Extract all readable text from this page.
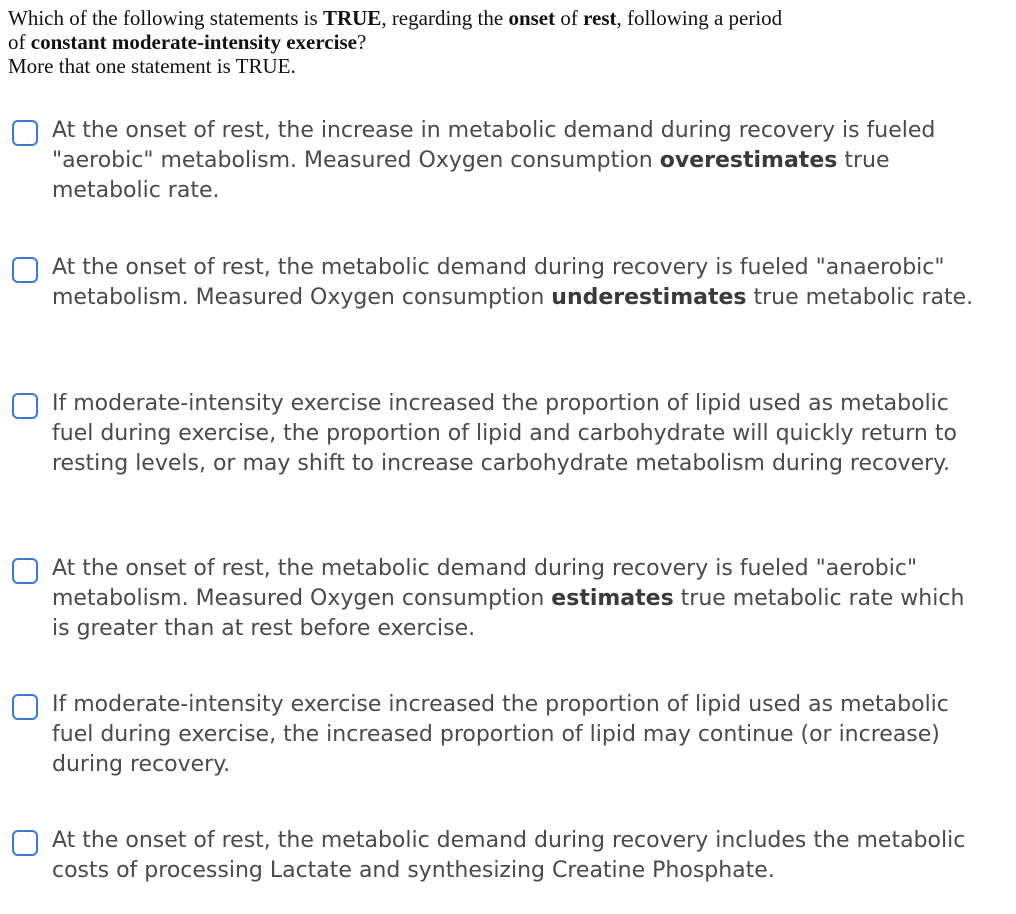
Which of the following statements is TRUE, regarding the onset of rest, following a period
of constant moderate-intensity exercise?
More that one statement is TRUE.
At the onset of rest, the increase in metabolic demand during recovery is fueled "aerobic" metabolism. Measured Oxygen consumption overestimates true metabolic rate.
At the onset of rest, the metabolic demand during recovery is fueled "anaerobic" metabolism. Measured Oxygen consumption underestimates true metabolic rate.
If moderate-intensity exercise increased the proportion of lipid used as metabolic fuel during exercise, the proportion of lipid and carbohydrate will quickly return to resting levels, or may shift to increase carbohydrate metabolism during recovery.
At the onset of rest, the metabolic demand during recovery is fueled "aerobic" metabolism. Measured Oxygen consumption estimates true metabolic rate which is greater than at rest before exercise.
If moderate-intensity exercise increased the proportion of lipid used as metabolic fuel during exercise, the increased proportion of lipid may continue (or increase) during recovery.
At the onset of rest, the metabolic demand during recovery includes the metabolic costs of processing Lactate and synthesizing Creatine Phosphate.
